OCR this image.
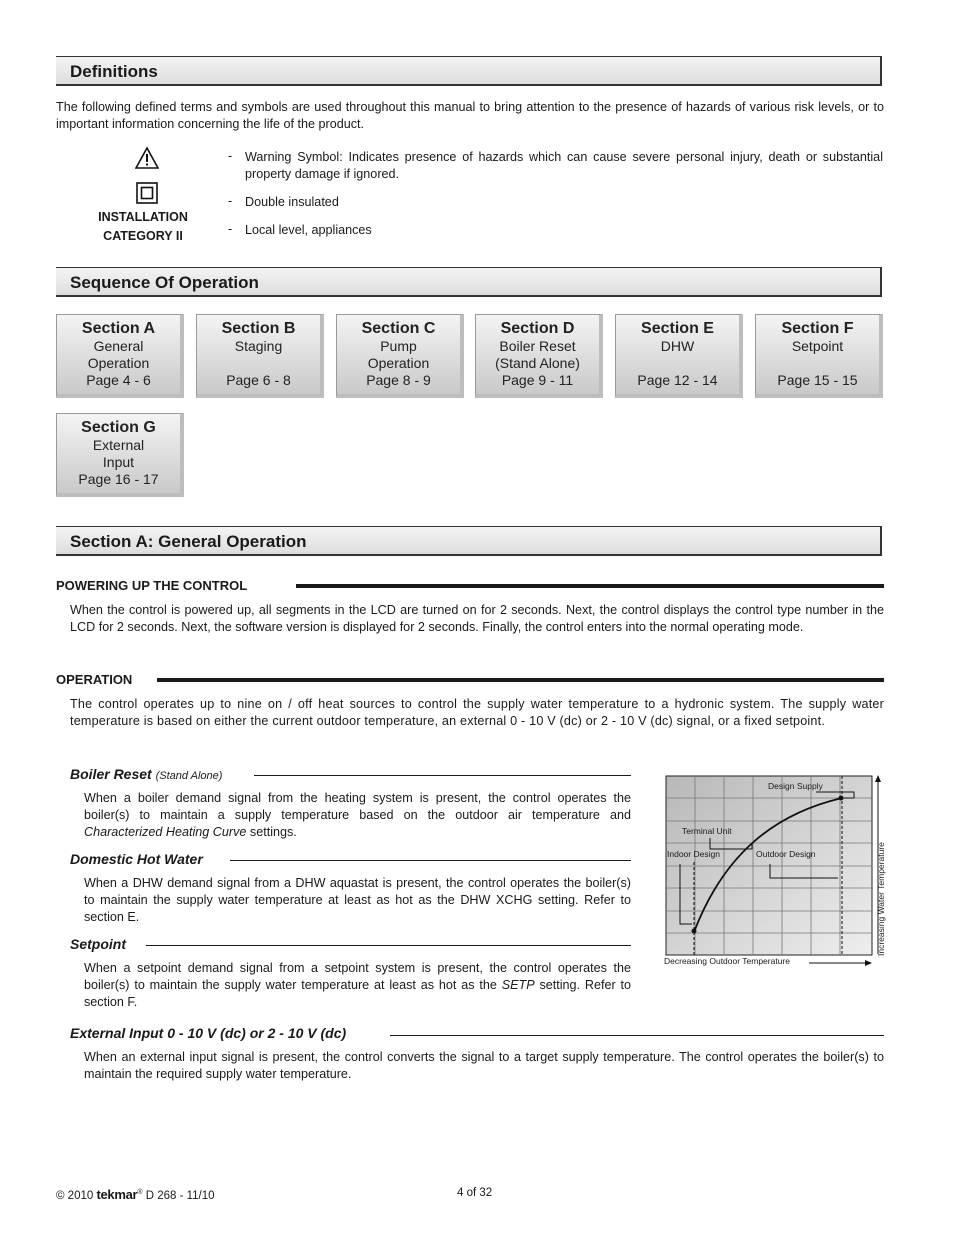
Definitions
The following defined terms and symbols are used throughout this manual to bring attention to the presence of hazards of various risk levels, or to important information concerning the life of the product.
INSTALLATION
CATEGORY II
- Warning Symbol: Indicates presence of hazards which can cause severe personal injury, death or substantial property damage if ignored.
- Double insulated
- Local level, appliances
Sequence Of Operation
Section A
General
Operation
Page 4 - 6
Section B
Staging
Page 6 - 8
Section C
Pump
Operation
Page 8 - 9
Section D
Boiler Reset
(Stand Alone)
Page 9 - 11
Section E
DHW
Page 12 - 14
Section F
Setpoint
Page 15 - 15
Section G
External
Input
Page 16 - 17
Section A: General Operation
POWERING UP THE CONTROL
When the control is powered up, all segments in the LCD are turned on for 2 seconds. Next, the control displays the control type number in the LCD for 2 seconds. Next, the software version is displayed for 2 seconds. Finally, the control enters into the normal operating mode.
OPERATION
The control operates up to nine on / off heat sources to control the supply water temperature to a hydronic system. The supply water temperature is based on either the current outdoor temperature, an external 0 - 10 V (dc) or 2 - 10 V (dc) signal, or a fixed setpoint.
Boiler Reset (Stand Alone)
When a boiler demand signal from the heating system is present, the control operates the boiler(s) to maintain a supply temperature based on the outdoor air temperature and Characterized Heating Curve settings.
Domestic Hot Water
When a DHW demand signal from a DHW aquastat is present, the control operates the boiler(s) to maintain the supply water temperature at least as hot as the DHW XCHG setting. Refer to section E.
Setpoint
When a setpoint demand signal from a setpoint system is present, the control operates the boiler(s) to maintain the supply water temperature at least as hot as the SETP setting. Refer to section F.
External Input 0 - 10 V (dc) or 2 - 10 V (dc)
When an external input signal is present, the control converts the signal to a target supply temperature. The control operates the boiler(s) to maintain the required supply water temperature.
Design Supply
Terminal Unit
Indoor Design	Outdoor Design
Decreasing Outdoor Temperature
Increasing Water Temperature
© 2010 tekmar® D 268 - 11/10	4 of 32
